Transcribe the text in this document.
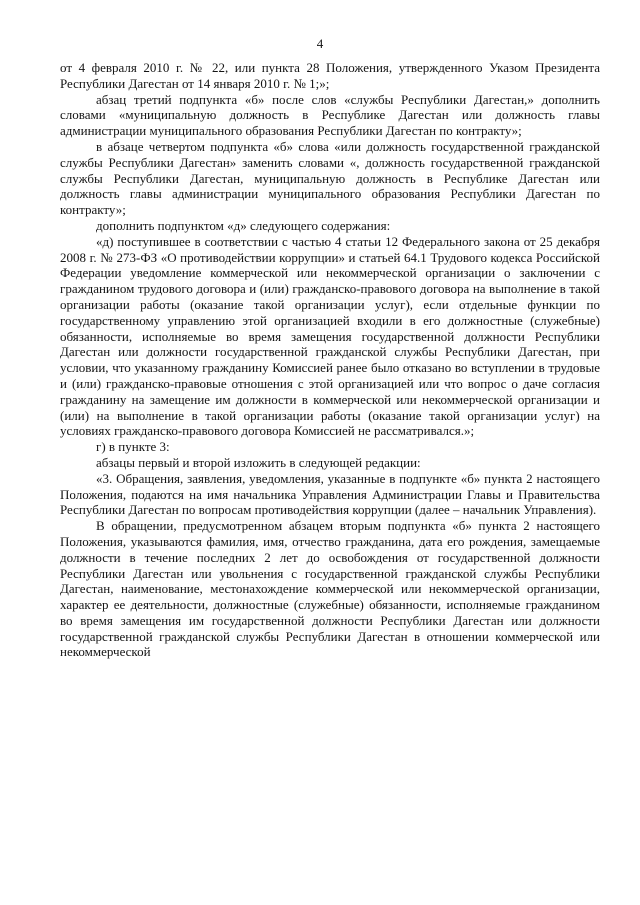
4

от 4 февраля 2010 г. № 22, или пункта 28 Положения, утвержденного Указом Президента Республики Дагестан от 14 января 2010 г. № 1;»;

абзац третий подпункта «б» после слов «службы Республики Дагестан,» дополнить словами «муниципальную должность в Республике Дагестан или должность главы администрации муниципального образования Республики Дагестан по контракту»;

в абзаце четвертом подпункта «б» слова «или должность государственной гражданской службы Республики Дагестан» заменить словами «, должность государственной гражданской службы Республики Дагестан, муниципальную должность в Республике Дагестан или должность главы администрации муниципального образования Республики Дагестан по контракту»;

дополнить подпунктом «д» следующего содержания:

«д) поступившее в соответствии с частью 4 статьи 12 Федерального закона от 25 декабря 2008 г. № 273-ФЗ «О противодействии коррупции» и статьей 64.1 Трудового кодекса Российской Федерации уведомление коммерческой или некоммерческой организации о заключении с гражданином трудового договора и (или) гражданско-правового договора на выполнение в такой организации работы (оказание такой организации услуг), если отдельные функции по государственному управлению этой организацией входили в его должностные (служебные) обязанности, исполняемые во время замещения государственной должности Республики Дагестан или должности государственной гражданской службы Республики Дагестан, при условии, что указанному гражданину Комиссией ранее было отказано во вступлении в трудовые и (или) гражданско-правовые отношения с этой организацией или что вопрос о даче согласия гражданину на замещение им должности в коммерческой или некоммерческой организации и (или) на выполнение в такой организации работы (оказание такой организации услуг) на условиях гражданско-правового договора Комиссией не рассматривался.»;

г) в пункте 3:

абзацы первый и второй изложить в следующей редакции:

«3. Обращения, заявления, уведомления, указанные в подпункте «б» пункта 2 настоящего Положения, подаются на имя начальника Управления Администрации Главы и Правительства Республики Дагестан по вопросам противодействия коррупции (далее – начальник Управления).

В обращении, предусмотренном абзацем вторым подпункта «б» пункта 2 настоящего Положения, указываются фамилия, имя, отчество гражданина, дата его рождения, замещаемые должности в течение последних 2 лет до освобождения от государственной должности Республики Дагестан или увольнения с государственной гражданской службы Республики Дагестан, наименование, местонахождение коммерческой или некоммерческой организации, характер ее деятельности, должностные (служебные) обязанности, исполняемые гражданином во время замещения им государственной должности Республики Дагестан или должности государственной гражданской службы Республики Дагестан в отношении коммерческой или некоммерческой
